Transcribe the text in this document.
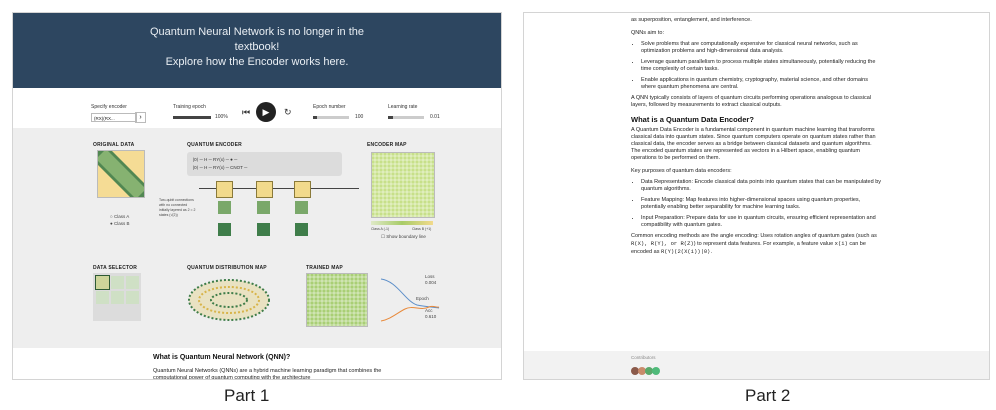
Quantum Neural Network is no longer in the
textbook!
Explore how the Encoder works here.
Specify encoder
(RX)(RX...	›
Training epoch
100% ⏮	▶	↻	Epoch number
100
Learning rate
0.01
ORIGINAL DATA
○ Class A
● Class B
Two-qubit connections with no connected initially layered as 2 = 2 states (√(2))
QUANTUM ENCODER
|0⟩ ─ H ─ RY(x) ─ ● ─
|0⟩ ─ H ─ RY(x) ─ CNOT ─
ENCODER MAP
Class A (-1)	Class B (+1)
☐ Show boundary line
DATA SELECTOR	QUANTUM DISTRIBUTION MAP	TRAINED MAP
Loss
0.004
Epoch
Acc
0.610
What is Quantum Neural Network (QNN)?
Quantum Neural Networks (QNNs) are a hybrid machine learning paradigm that combines the computational power of quantum computing with the architecture
Part 1

as superposition, entanglement, and interference.

QNNs aim to:

• Solve problems that are computationally expensive for classical neural networks, such as optimization problems and high-dimensional data analysis.
• Leverage quantum parallelism to process multiple states simultaneously, potentially reducing the time complexity of certain tasks.
• Enable applications in quantum chemistry, cryptography, material science, and other domains where quantum phenomena are central.

A QNN typically consists of layers of quantum circuits performing operations analogous to classical layers, followed by measurements to extract classical outputs.

What is a Quantum Data Encoder?

A Quantum Data Encoder is a fundamental component in quantum machine learning that transforms classical data into quantum states. Since quantum computers operate on quantum states rather than classical data, the encoder serves as a bridge between classical datasets and quantum algorithms. The encoded quantum states are represented as vectors in a Hilbert space, enabling quantum operations to be performed on them.

Key purposes of quantum data encoders:

• Data Representation: Encode classical data points into quantum states that can be manipulated by quantum algorithms.
• Feature Mapping: Map features into higher-dimensional spaces using quantum properties, potentially enabling better separability for machine learning tasks.
• Input Preparation: Prepare data for use in quantum circuits, ensuring efficient representation and compatibility with quantum gates.

Common encoding methods are the angle encoding: Uses rotation angles of quantum gates (such as R(X), R(Y), or R(Z)) to represent data features. For example, a feature value x(i) can be encoded as R(Y)(2(X(i))|0⟩.

Contributors
Part 2
